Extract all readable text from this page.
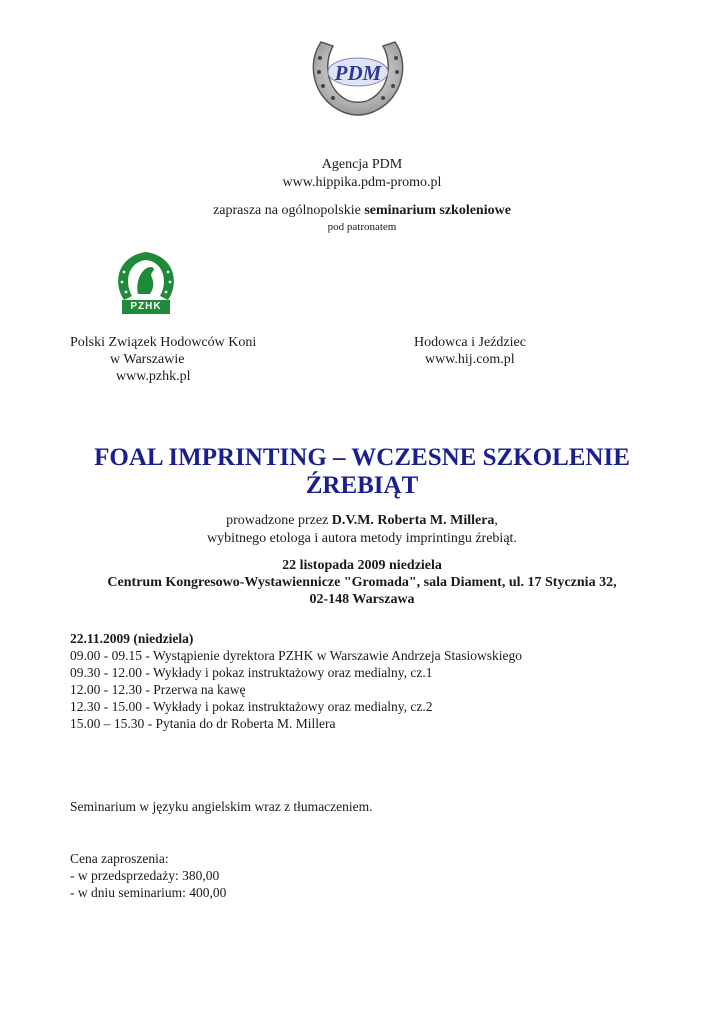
PDM
Agencja PDM
www.hippika.pdm-promo.pl
zaprasza na ogólnopolskie seminarium szkoleniowe
pod patronatem
PZHK
Polski Związek Hodowców Koni
w Warszawie
www.pzhk.pl
Hodowca i Jeździec
www.hij.com.pl
FOAL IMPRINTING – WCZESNE SZKOLENIE
ŹREBIĄT
prowadzone przez D.V.M. Roberta M. Millera,
wybitnego etologa i autora metody imprintingu źrebiąt.
22 listopada 2009 niedziela
Centrum Kongresowo-Wystawiennicze "Gromada", sala Diament, ul. 17 Stycznia 32,
02-148 Warszawa
22.11.2009 (niedziela)
09.00 - 09.15 - Wystąpienie dyrektora PZHK w Warszawie Andrzeja Stasiowskiego
09.30 - 12.00 - Wykłady i pokaz instruktażowy oraz medialny, cz.1
12.00 - 12.30 - Przerwa na kawę
12.30 - 15.00 - Wykłady i pokaz instruktażowy oraz medialny, cz.2
15.00 – 15.30 - Pytania do dr Roberta M. Millera
Seminarium w języku angielskim wraz z tłumaczeniem.
Cena zaproszenia:
- w przedsprzedaży: 380,00
- w dniu seminarium: 400,00
